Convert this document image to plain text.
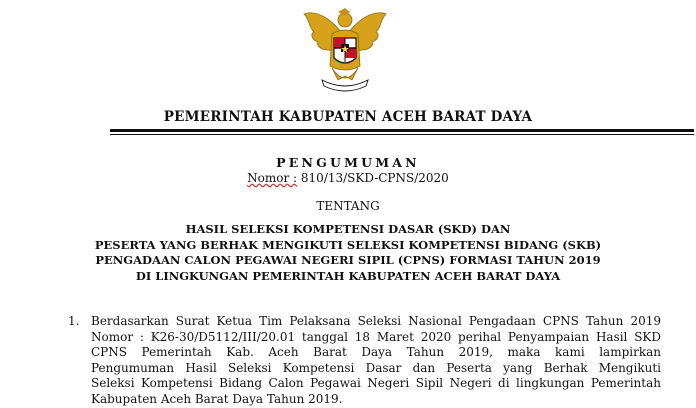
PEMERINTAH KABUPATEN ACEH BARAT DAYA
PENGUMUMAN
Nomor : 810/13/SKD-CPNS/2020
TENTANG
HASIL SELEKSI KOMPETENSI DASAR (SKD) DAN
PESERTA YANG BERHAK MENGIKUTI SELEKSI KOMPETENSI BIDANG (SKB)
PENGADAAN CALON PEGAWAI NEGERI SIPIL (CPNS) FORMASI TAHUN 2019
DI LINGKUNGAN PEMERINTAH KABUPATEN ACEH BARAT DAYA
1. Berdasarkan Surat Ketua Tim Pelaksana Seleksi Nasional Pengadaan CPNS Tahun 2019
Nomor : K26-30/D5112/III/20.01 tanggal 18 Maret 2020 perihal Penyampaian Hasil SKD
CPNS Pemerintah Kab. Aceh Barat Daya Tahun 2019, maka kami lampirkan
Pengumuman Hasil Seleksi Kompetensi Dasar dan Peserta yang Berhak Mengikuti
Seleksi Kompetensi Bidang Calon Pegawai Negeri Sipil Negeri di lingkungan Pemerintah
Kabupaten Aceh Barat Daya Tahun 2019.
